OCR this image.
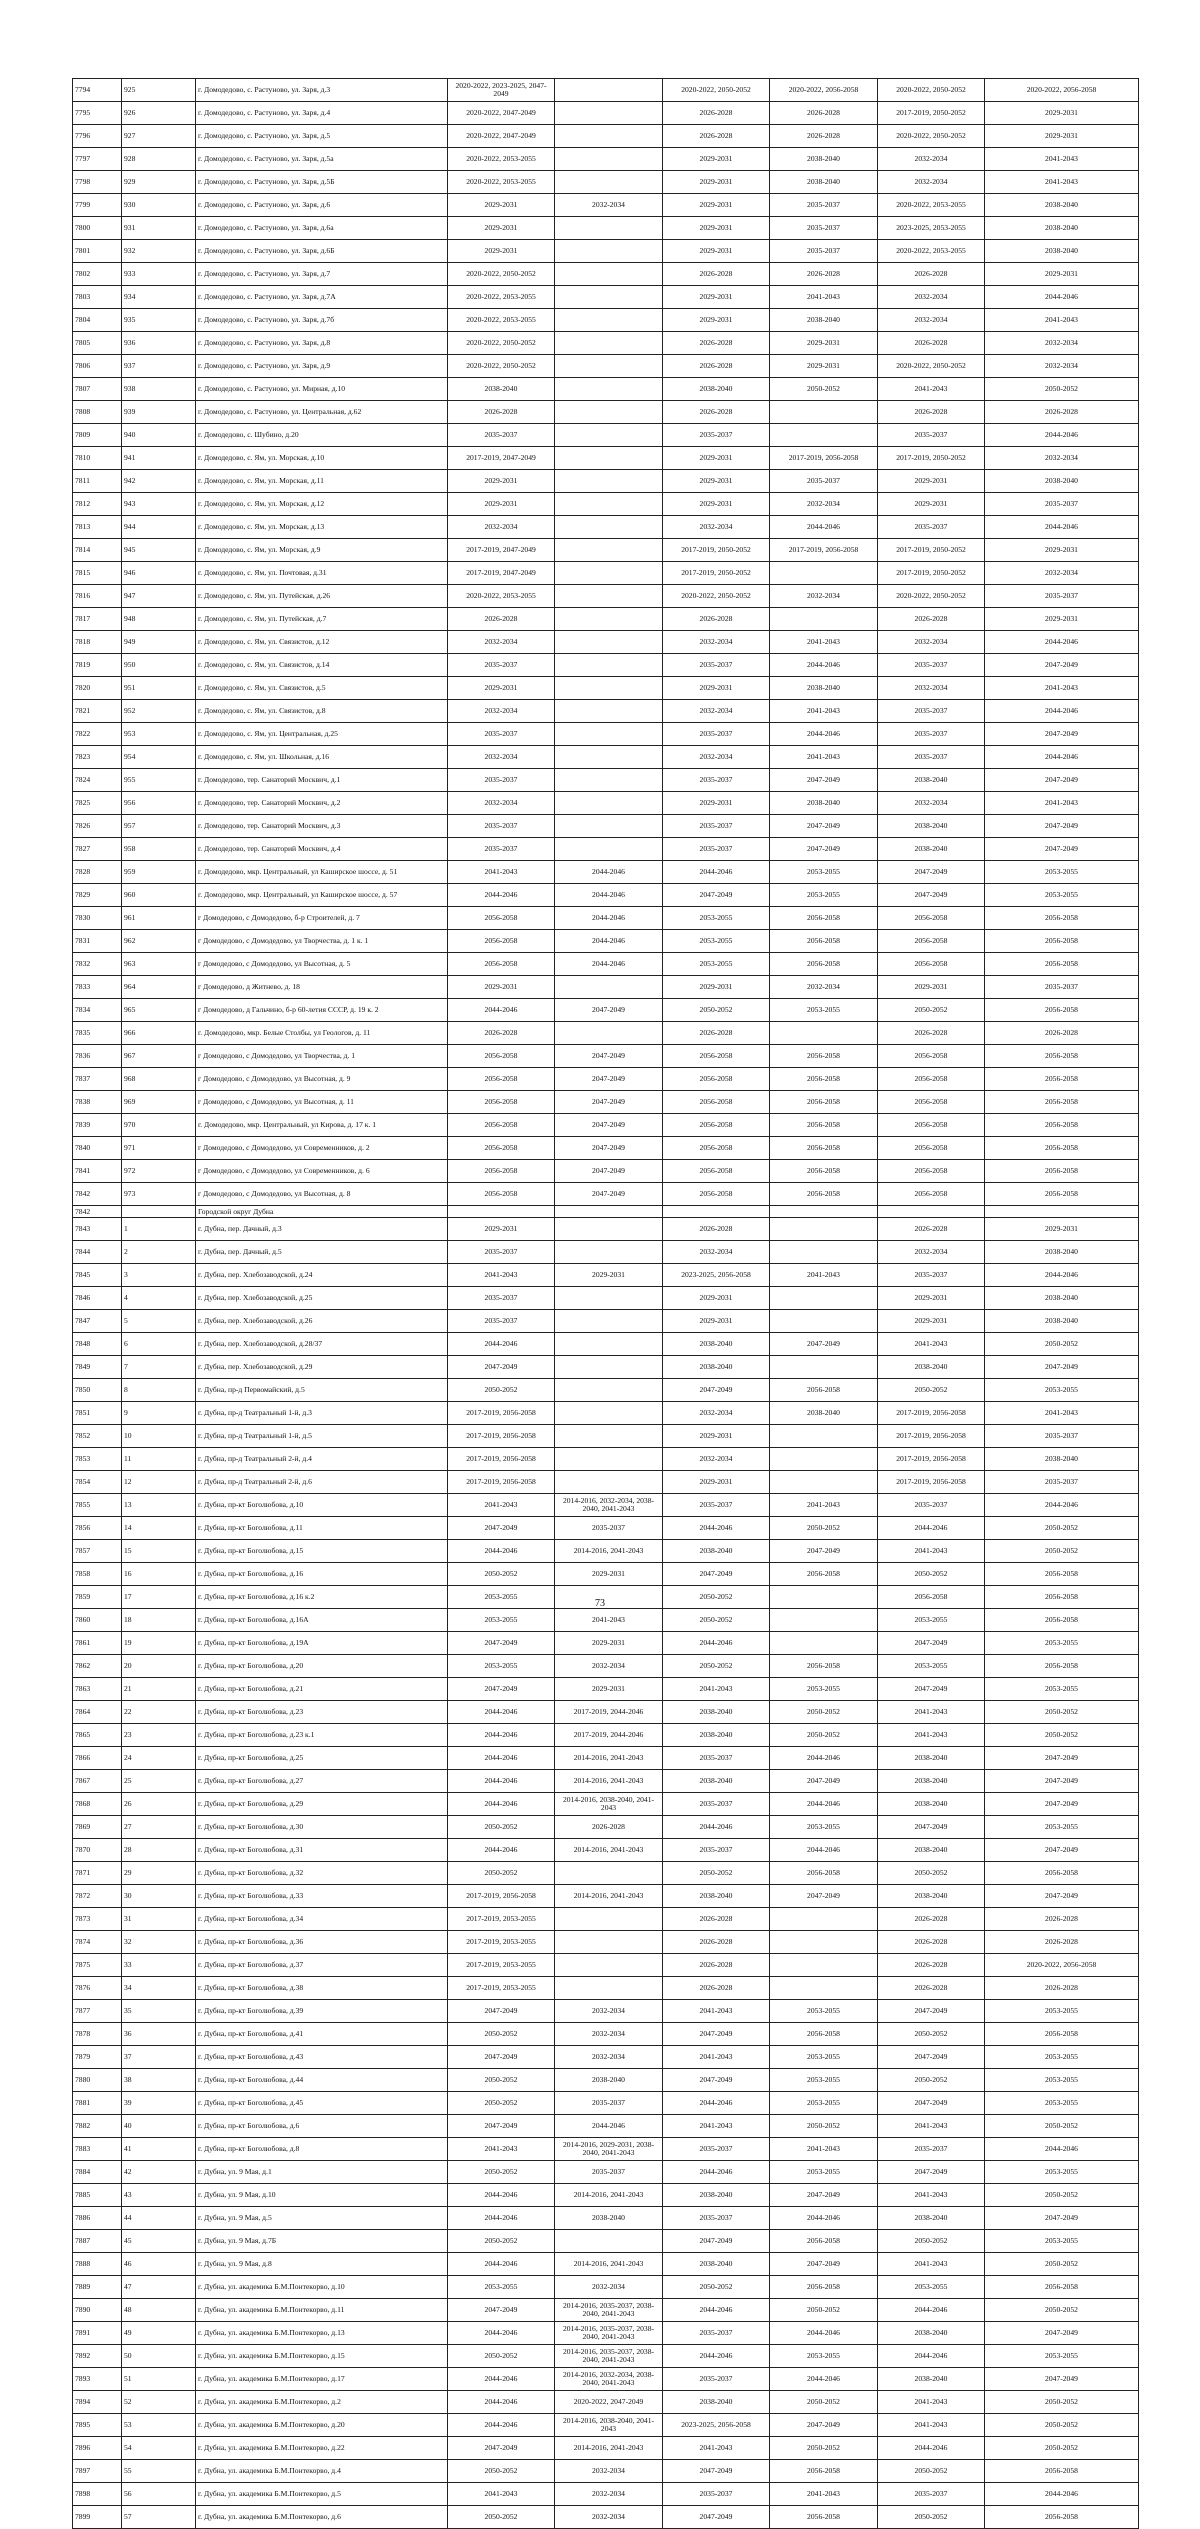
7794	925	г. Домодедово, с. Растуново, ул. Заря, д.3	2020-2022, 2023-2025, 2047-2049		2020-2022, 2050-2052	2020-2022, 2056-2058	2020-2022, 2050-2052	2020-2022, 2056-2058
7795	926	г. Домодедово, с. Растуново, ул. Заря, д.4	2020-2022, 2047-2049		2026-2028	2026-2028	2017-2019, 2050-2052	2029-2031
7796	927	г. Домодедово, с. Растуново, ул. Заря, д.5	2020-2022, 2047-2049		2026-2028	2026-2028	2020-2022, 2050-2052	2029-2031
7797	928	г. Домодедово, с. Растуново, ул. Заря, д.5а	2020-2022, 2053-2055		2029-2031	2038-2040	2032-2034	2041-2043
7798	929	г. Домодедово, с. Растуново, ул. Заря, д.5Б	2020-2022, 2053-2055		2029-2031	2038-2040	2032-2034	2041-2043
7799	930	г. Домодедово, с. Растуново, ул. Заря, д.6	2029-2031	2032-2034	2029-2031	2035-2037	2020-2022, 2053-2055	2038-2040
7800	931	г. Домодедово, с. Растуново, ул. Заря, д.6а	2029-2031		2029-2031	2035-2037	2023-2025, 2053-2055	2038-2040
7801	932	г. Домодедово, с. Растуново, ул. Заря, д.6Б	2029-2031		2029-2031	2035-2037	2020-2022, 2053-2055	2038-2040
7802	933	г. Домодедово, с. Растуново, ул. Заря, д.7	2020-2022, 2050-2052		2026-2028	2026-2028	2026-2028	2029-2031
7803	934	г. Домодедово, с. Растуново, ул. Заря, д.7А	2020-2022, 2053-2055		2029-2031	2041-2043	2032-2034	2044-2046
7804	935	г. Домодедово, с. Растуново, ул. Заря, д.7б	2020-2022, 2053-2055		2029-2031	2038-2040	2032-2034	2041-2043
7805	936	г. Домодедово, с. Растуново, ул. Заря, д.8	2020-2022, 2050-2052		2026-2028	2029-2031	2026-2028	2032-2034
7806	937	г. Домодедово, с. Растуново, ул. Заря, д.9	2020-2022, 2050-2052		2026-2028	2029-2031	2020-2022, 2050-2052	2032-2034
7807	938	г. Домодедово, с. Растуново, ул. Мирная, д.10	2038-2040		2038-2040	2050-2052	2041-2043	2050-2052
7808	939	г. Домодедово, с. Растуново, ул. Центральная, д.62	2026-2028		2026-2028		2026-2028	2026-2028
7809	940	г. Домодедово, с. Шубино, д.20	2035-2037		2035-2037		2035-2037	2044-2046
7810	941	г. Домодедово, с. Ям, ул. Морская, д.10	2017-2019, 2047-2049		2029-2031	2017-2019, 2056-2058	2017-2019, 2050-2052	2032-2034
7811	942	г. Домодедово, с. Ям, ул. Морская, д.11	2029-2031		2029-2031	2035-2037	2029-2031	2038-2040
7812	943	г. Домодедово, с. Ям, ул. Морская, д.12	2029-2031		2029-2031	2032-2034	2029-2031	2035-2037
7813	944	г. Домодедово, с. Ям, ул. Морская, д.13	2032-2034		2032-2034	2044-2046	2035-2037	2044-2046
7814	945	г. Домодедово, с. Ям, ул. Морская, д.9	2017-2019, 2047-2049		2017-2019, 2050-2052	2017-2019, 2056-2058	2017-2019, 2050-2052	2029-2031
7815	946	г. Домодедово, с. Ям, ул. Почтовая, д.31	2017-2019, 2047-2049		2017-2019, 2050-2052		2017-2019, 2050-2052	2032-2034
7816	947	г. Домодедово, с. Ям, ул. Путейская, д.26	2020-2022, 2053-2055		2020-2022, 2050-2052	2032-2034	2020-2022, 2050-2052	2035-2037
7817	948	г. Домодедово, с. Ям, ул. Путейская, д.7	2026-2028		2026-2028		2026-2028	2029-2031
7818	949	г. Домодедово, с. Ям, ул. Связистов, д.12	2032-2034		2032-2034	2041-2043	2032-2034	2044-2046
7819	950	г. Домодедово, с. Ям, ул. Связистов, д.14	2035-2037		2035-2037	2044-2046	2035-2037	2047-2049
7820	951	г. Домодедово, с. Ям, ул. Связистов, д.5	2029-2031		2029-2031	2038-2040	2032-2034	2041-2043
7821	952	г. Домодедово, с. Ям, ул. Связистов, д.8	2032-2034		2032-2034	2041-2043	2035-2037	2044-2046
7822	953	г. Домодедово, с. Ям, ул. Центральная, д.25	2035-2037		2035-2037	2044-2046	2035-2037	2047-2049
7823	954	г. Домодедово, с. Ям, ул. Школьная, д.16	2032-2034		2032-2034	2041-2043	2035-2037	2044-2046
7824	955	г. Домодедово, тер. Санаторий Москвич, д.1	2035-2037		2035-2037	2047-2049	2038-2040	2047-2049
7825	956	г. Домодедово, тер. Санаторий Москвич, д.2	2032-2034		2029-2031	2038-2040	2032-2034	2041-2043
7826	957	г. Домодедово, тер. Санаторий Москвич, д.3	2035-2037		2035-2037	2047-2049	2038-2040	2047-2049
7827	958	г. Домодедово, тер. Санаторий Москвич, д.4	2035-2037		2035-2037	2047-2049	2038-2040	2047-2049
7828	959	г. Домодедово, мкр. Центральный, ул Каширское шоссе, д. 51	2041-2043	2044-2046	2044-2046	2053-2055	2047-2049	2053-2055
7829	960	г. Домодедово, мкр. Центральный, ул Каширское шоссе, д. 57	2044-2046	2044-2046	2047-2049	2053-2055	2047-2049	2053-2055
7830	961	г Домодедово, с Домодедово, б-р Строителей, д. 7	2056-2058	2044-2046	2053-2055	2056-2058	2056-2058	2056-2058
7831	962	г Домодедово, с Домодедово, ул Творчества, д. 1 к. 1	2056-2058	2044-2046	2053-2055	2056-2058	2056-2058	2056-2058
7832	963	г Домодедово, с Домодедово, ул Высотная, д. 5	2056-2058	2044-2046	2053-2055	2056-2058	2056-2058	2056-2058
7833	964	г Домодедово, д Житнево, д. 18	2029-2031		2029-2031	2032-2034	2029-2031	2035-2037
7834	965	г Домодедово, д Гальчино, б-р 60-летия СССР, д. 19 к. 2	2044-2046	2047-2049	2050-2052	2053-2055	2050-2052	2056-2058
7835	966	г. Домодедово, мкр. Белые Столбы, ул Геологов, д. 11	2026-2028		2026-2028		2026-2028	2026-2028
7836	967	г Домодедово, с Домодедово, ул Творчества, д. 1	2056-2058	2047-2049	2056-2058	2056-2058	2056-2058	2056-2058
7837	968	г Домодедово, с Домодедово, ул Высотная, д. 9	2056-2058	2047-2049	2056-2058	2056-2058	2056-2058	2056-2058
7838	969	г Домодедово, с Домодедово, ул Высотная, д. 11	2056-2058	2047-2049	2056-2058	2056-2058	2056-2058	2056-2058
7839	970	г. Домодедово, мкр. Центральный, ул Кирова, д. 17 к. 1	2056-2058	2047-2049	2056-2058	2056-2058	2056-2058	2056-2058
7840	971	г Домодедово, с Домодедово, ул Современников, д. 2	2056-2058	2047-2049	2056-2058	2056-2058	2056-2058	2056-2058
7841	972	г Домодедово, с Домодедово, ул Современников, д. 6	2056-2058	2047-2049	2056-2058	2056-2058	2056-2058	2056-2058
7842	973	г Домодедово, с Домодедово, ул Высотная, д. 8	2056-2058	2047-2049	2056-2058	2056-2058	2056-2058	2056-2058
7842		Городской округ Дубна						
7843	1	г. Дубна, пер. Дачный, д.3	2029-2031		2026-2028		2026-2028	2029-2031
7844	2	г. Дубна, пер. Дачный, д.5	2035-2037		2032-2034		2032-2034	2038-2040
7845	3	г. Дубна, пер. Хлебозаводской, д.24	2041-2043	2029-2031	2023-2025, 2056-2058	2041-2043	2035-2037	2044-2046
7846	4	г. Дубна, пер. Хлебозаводской, д.25	2035-2037		2029-2031		2029-2031	2038-2040
7847	5	г. Дубна, пер. Хлебозаводской, д.26	2035-2037		2029-2031		2029-2031	2038-2040
7848	6	г. Дубна, пер. Хлебозаводской, д.28/37	2044-2046		2038-2040	2047-2049	2041-2043	2050-2052
7849	7	г. Дубна, пер. Хлебозаводской, д.29	2047-2049		2038-2040		2038-2040	2047-2049
7850	8	г. Дубна, пр-д Первомайский, д.5	2050-2052		2047-2049	2056-2058	2050-2052	2053-2055
7851	9	г. Дубна, пр-д Театральный 1-й, д.3	2017-2019, 2056-2058		2032-2034	2038-2040	2017-2019, 2056-2058	2041-2043
7852	10	г. Дубна, пр-д Театральный 1-й, д.5	2017-2019, 2056-2058		2029-2031		2017-2019, 2056-2058	2035-2037
7853	11	г. Дубна, пр-д Театральный 2-й, д.4	2017-2019, 2056-2058		2032-2034		2017-2019, 2056-2058	2038-2040
7854	12	г. Дубна, пр-д Театральный 2-й, д.6	2017-2019, 2056-2058		2029-2031		2017-2019, 2056-2058	2035-2037
7855	13	г. Дубна, пр-кт Боголюбова, д.10	2041-2043	2014-2016, 2032-2034, 2038-2040, 2041-2043	2035-2037	2041-2043	2035-2037	2044-2046
7856	14	г. Дубна, пр-кт Боголюбова, д.11	2047-2049	2035-2037	2044-2046	2050-2052	2044-2046	2050-2052
7857	15	г. Дубна, пр-кт Боголюбова, д.15	2044-2046	2014-2016, 2041-2043	2038-2040	2047-2049	2041-2043	2050-2052
7858	16	г. Дубна, пр-кт Боголюбова, д.16	2050-2052	2029-2031	2047-2049	2056-2058	2050-2052	2056-2058
7859	17	г. Дубна, пр-кт Боголюбова, д.16 к.2	2053-2055		2050-2052		2056-2058	2056-2058
7860	18	г. Дубна, пр-кт Боголюбова, д.16А	2053-2055	2041-2043	2050-2052		2053-2055	2056-2058
7861	19	г. Дубна, пр-кт Боголюбова, д.19А	2047-2049	2029-2031	2044-2046		2047-2049	2053-2055
7862	20	г. Дубна, пр-кт Боголюбова, д.20	2053-2055	2032-2034	2050-2052	2056-2058	2053-2055	2056-2058
7863	21	г. Дубна, пр-кт Боголюбова, д.21	2047-2049	2029-2031	2041-2043	2053-2055	2047-2049	2053-2055
7864	22	г. Дубна, пр-кт Боголюбова, д.23	2044-2046	2017-2019, 2044-2046	2038-2040	2050-2052	2041-2043	2050-2052
7865	23	г. Дубна, пр-кт Боголюбова, д.23 к.1	2044-2046	2017-2019, 2044-2046	2038-2040	2050-2052	2041-2043	2050-2052
7866	24	г. Дубна, пр-кт Боголюбова, д.25	2044-2046	2014-2016, 2041-2043	2035-2037	2044-2046	2038-2040	2047-2049
7867	25	г. Дубна, пр-кт Боголюбова, д.27	2044-2046	2014-2016, 2041-2043	2038-2040	2047-2049	2038-2040	2047-2049
7868	26	г. Дубна, пр-кт Боголюбова, д.29	2044-2046	2014-2016, 2038-2040, 2041-2043	2035-2037	2044-2046	2038-2040	2047-2049
7869	27	г. Дубна, пр-кт Боголюбова, д.30	2050-2052	2026-2028	2044-2046	2053-2055	2047-2049	2053-2055
7870	28	г. Дубна, пр-кт Боголюбова, д.31	2044-2046	2014-2016, 2041-2043	2035-2037	2044-2046	2038-2040	2047-2049
7871	29	г. Дубна, пр-кт Боголюбова, д.32	2050-2052		2050-2052	2056-2058	2050-2052	2056-2058
7872	30	г. Дубна, пр-кт Боголюбова, д.33	2017-2019, 2056-2058	2014-2016, 2041-2043	2038-2040	2047-2049	2038-2040	2047-2049
7873	31	г. Дубна, пр-кт Боголюбова, д.34	2017-2019, 2053-2055		2026-2028		2026-2028	2026-2028
7874	32	г. Дубна, пр-кт Боголюбова, д.36	2017-2019, 2053-2055		2026-2028		2026-2028	2026-2028
7875	33	г. Дубна, пр-кт Боголюбова, д.37	2017-2019, 2053-2055		2026-2028		2026-2028	2020-2022, 2056-2058
7876	34	г. Дубна, пр-кт Боголюбова, д.38	2017-2019, 2053-2055		2026-2028		2026-2028	2026-2028
7877	35	г. Дубна, пр-кт Боголюбова, д.39	2047-2049	2032-2034	2041-2043	2053-2055	2047-2049	2053-2055
7878	36	г. Дубна, пр-кт Боголюбова, д.41	2050-2052	2032-2034	2047-2049	2056-2058	2050-2052	2056-2058
7879	37	г. Дубна, пр-кт Боголюбова, д.43	2047-2049	2032-2034	2041-2043	2053-2055	2047-2049	2053-2055
7880	38	г. Дубна, пр-кт Боголюбова, д.44	2050-2052	2038-2040	2047-2049	2053-2055	2050-2052	2053-2055
7881	39	г. Дубна, пр-кт Боголюбова, д.45	2050-2052	2035-2037	2044-2046	2053-2055	2047-2049	2053-2055
7882	40	г. Дубна, пр-кт Боголюбова, д.6	2047-2049	2044-2046	2041-2043	2050-2052	2041-2043	2050-2052
7883	41	г. Дубна, пр-кт Боголюбова, д.8	2041-2043	2014-2016, 2029-2031, 2038-2040, 2041-2043	2035-2037	2041-2043	2035-2037	2044-2046
7884	42	г. Дубна, ул. 9 Мая, д.1	2050-2052	2035-2037	2044-2046	2053-2055	2047-2049	2053-2055
7885	43	г. Дубна, ул. 9 Мая, д.10	2044-2046	2014-2016, 2041-2043	2038-2040	2047-2049	2041-2043	2050-2052
7886	44	г. Дубна, ул. 9 Мая, д.5	2044-2046	2038-2040	2035-2037	2044-2046	2038-2040	2047-2049
7887	45	г. Дубна, ул. 9 Мая, д.7Б	2050-2052		2047-2049	2056-2058	2050-2052	2053-2055
7888	46	г. Дубна, ул. 9 Мая, д.8	2044-2046	2014-2016, 2041-2043	2038-2040	2047-2049	2041-2043	2050-2052
7889	47	г. Дубна, ул. академика Б.М.Понтекорво, д.10	2053-2055	2032-2034	2050-2052	2056-2058	2053-2055	2056-2058
7890	48	г. Дубна, ул. академика Б.М.Понтекорво, д.11	2047-2049	2014-2016, 2035-2037, 2038-2040, 2041-2043	2044-2046	2050-2052	2044-2046	2050-2052
7891	49	г. Дубна, ул. академика Б.М.Понтекорво, д.13	2044-2046	2014-2016, 2035-2037, 2038-2040, 2041-2043	2035-2037	2044-2046	2038-2040	2047-2049
7892	50	г. Дубна, ул. академика Б.М.Понтекорво, д.15	2050-2052	2014-2016, 2035-2037, 2038-2040, 2041-2043	2044-2046	2053-2055	2044-2046	2053-2055
7893	51	г. Дубна, ул. академика Б.М.Понтекорво, д.17	2044-2046	2014-2016, 2032-2034, 2038-2040, 2041-2043	2035-2037	2044-2046	2038-2040	2047-2049
7894	52	г. Дубна, ул. академика Б.М.Понтекорво, д.2	2044-2046	2020-2022, 2047-2049	2038-2040	2050-2052	2041-2043	2050-2052
7895	53	г. Дубна, ул. академика Б.М.Понтекорво, д.20	2044-2046	2014-2016, 2038-2040, 2041-2043	2023-2025, 2056-2058	2047-2049	2041-2043	2050-2052
7896	54	г. Дубна, ул. академика Б.М.Понтекорво, д.22	2047-2049	2014-2016, 2041-2043	2041-2043	2050-2052	2044-2046	2050-2052
7897	55	г. Дубна, ул. академика Б.М.Понтекорво, д.4	2050-2052	2032-2034	2047-2049	2056-2058	2050-2052	2056-2058
7898	56	г. Дубна, ул. академика Б.М.Понтекорво, д.5	2041-2043	2032-2034	2035-2037	2041-2043	2035-2037	2044-2046
7899	57	г. Дубна, ул. академика Б.М.Понтекорво, д.6	2050-2052	2032-2034	2047-2049	2056-2058	2050-2052	2056-2058
73
